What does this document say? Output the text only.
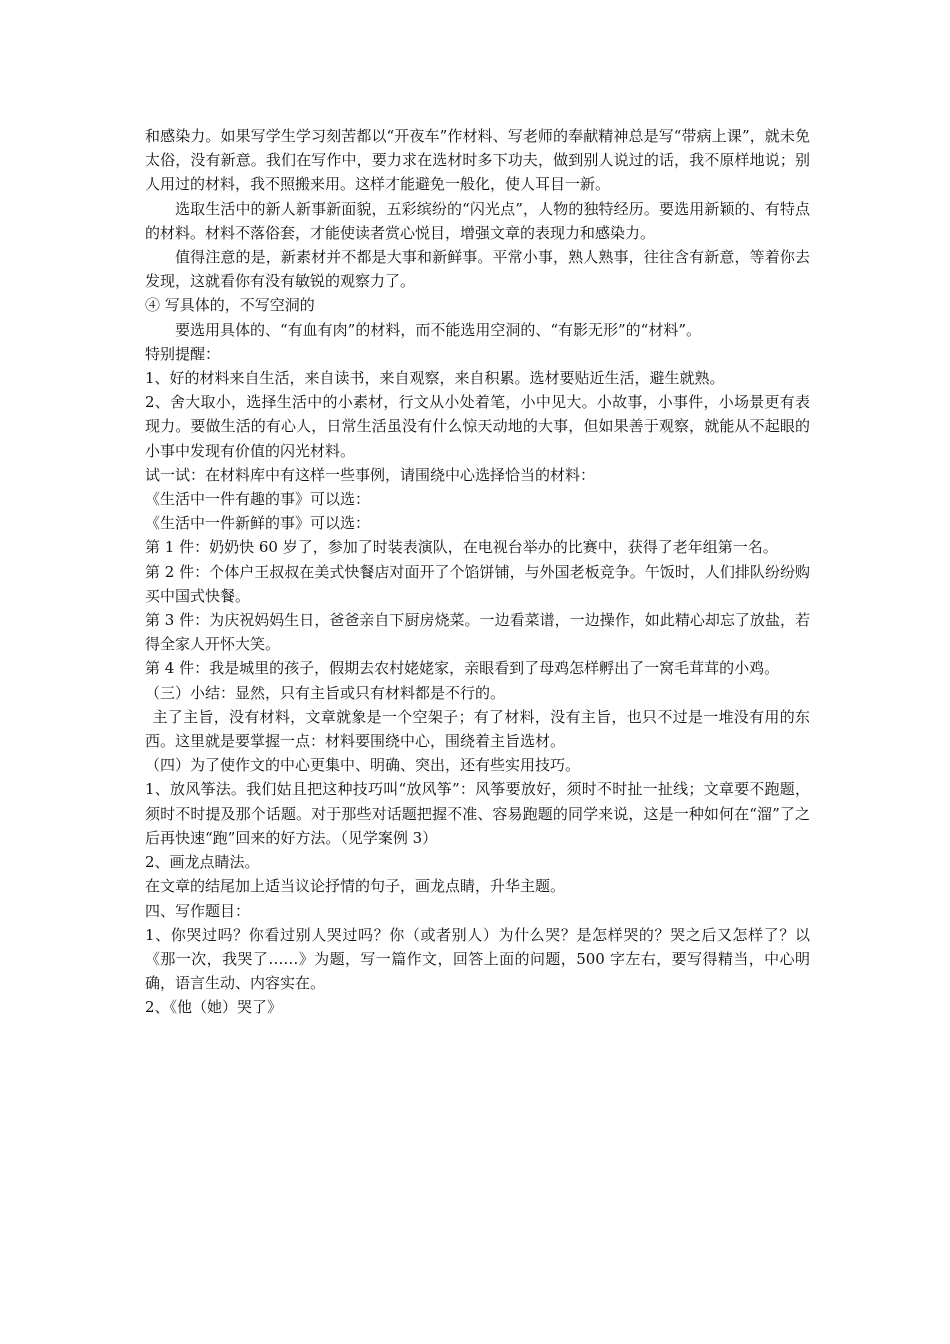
和感染力。如果写学生学习刻苦都以“开夜车”作材料、写老师的奉献精神总是写“带病上课”，就未免太俗，没有新意。我们在写作中，要力求在选材时多下功夫，做到别人说过的话，我不原样地说；别人用过的材料，我不照搬来用。这样才能避免一般化，使人耳目一新。

选取生活中的新人新事新面貌，五彩缤纷的“闪光点”，人物的独特经历。要选用新颖的、有特点的材料。材料不落俗套，才能使读者赏心悦目，增强文章的表现力和感染力。

值得注意的是，新素材并不都是大事和新鲜事。平常小事，熟人熟事，往往含有新意，等着你去发现，这就看你有没有敏锐的观察力了。

④ 写具体的，不写空洞的

要选用具体的、“有血有肉”的材料，而不能选用空洞的、“有影无形”的“材料”。

特别提醒：

1、好的材料来自生活，来自读书，来自观察，来自积累。选材要贴近生活，避生就熟。

2、舍大取小，选择生活中的小素材，行文从小处着笔，小中见大。小故事，小事件，小场景更有表现力。要做生活的有心人，日常生活虽没有什么惊天动地的大事，但如果善于观察，就能从不起眼的小事中发现有价值的闪光材料。

试一试：在材料库中有这样一些事例，请围绕中心选择恰当的材料：

《生活中一件有趣的事》可以选：

《生活中一件新鲜的事》可以选：

第 1 件：奶奶快 60 岁了，参加了时装表演队，在电视台举办的比赛中，获得了老年组第一名。

第 2 件：个体户王叔叔在美式快餐店对面开了个馅饼铺，与外国老板竞争。午饭时，人们排队纷纷购买中国式快餐。

第 3 件：为庆祝妈妈生日，爸爸亲自下厨房烧菜。一边看菜谱，一边操作，如此精心却忘了放盐，若得全家人开怀大笑。

第 4 件：我是城里的孩子，假期去农村姥姥家，亲眼看到了母鸡怎样孵出了一窝毛茸茸的小鸡。

（三）小结：显然，只有主旨或只有材料都是不行的。

主了主旨，没有材料，文章就象是一个空架子；有了材料，没有主旨，也只不过是一堆没有用的东西。这里就是要掌握一点：材料要围绕中心，围绕着主旨选材。

（四）为了使作文的中心更集中、明确、突出，还有些实用技巧。

1、放风筝法。我们姑且把这种技巧叫“放风筝”：风筝要放好，须时不时扯一扯线；文章要不跑题，须时不时提及那个话题。对于那些对话题把握不准、容易跑题的同学来说，这是一种如何在“溜”了之后再快速“跑”回来的好方法。（见学案例 3）

2、画龙点睛法。

在文章的结尾加上适当议论抒情的句子，画龙点睛，升华主题。

四、写作题目：

1、你哭过吗？你看过别人哭过吗？你（或者别人）为什么哭？是怎样哭的？哭之后又怎样了？以《那一次，我哭了……》为题，写一篇作文，回答上面的问题，500 字左右，要写得精当，中心明确，语言生动、内容实在。

2、《他（她）哭了》
